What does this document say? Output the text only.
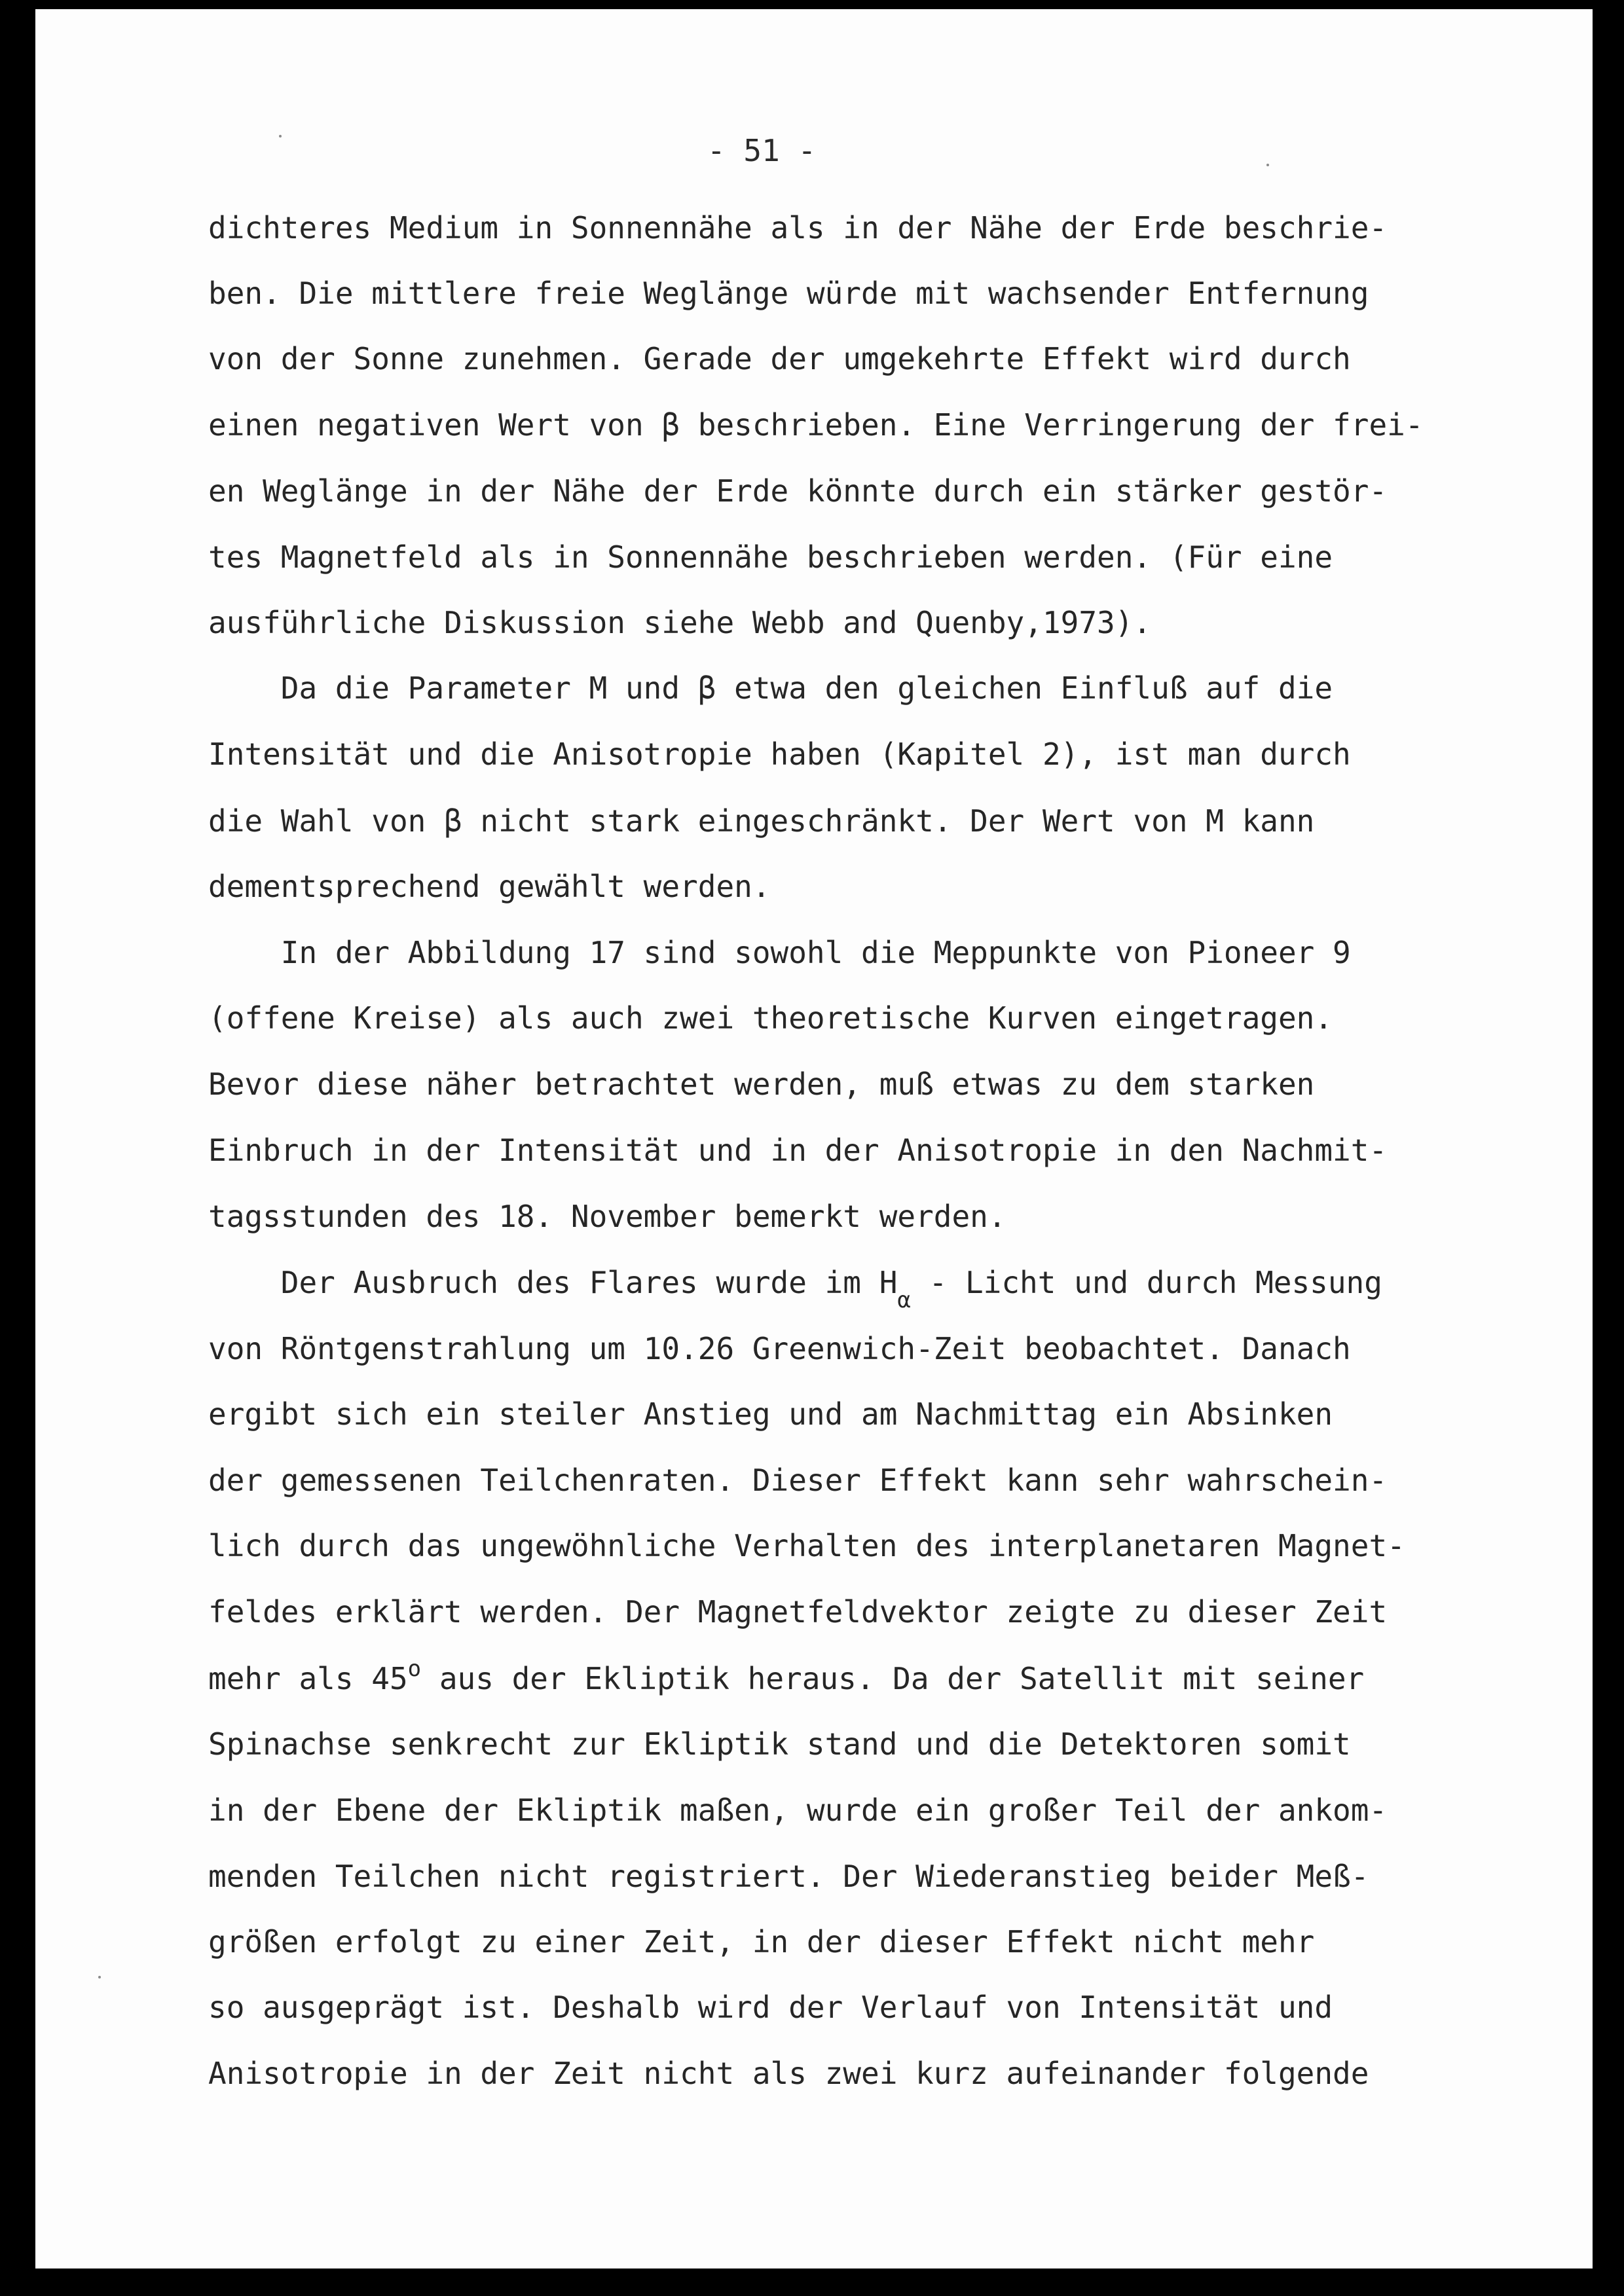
- 51 -
dichteres Medium in Sonnennähe als in der Nähe der Erde beschrie-
ben. Die mittlere freie Weglänge würde mit wachsender Entfernung
von der Sonne zunehmen. Gerade der umgekehrte Effekt wird durch
einen negativen Wert von β beschrieben. Eine Verringerung der frei-
en Weglänge in der Nähe der Erde könnte durch ein stärker gestör-
tes Magnetfeld als in Sonnennähe beschrieben werden. (Für eine
ausführliche Diskussion siehe Webb and Quenby,1973).
Da die Parameter M und β etwa den gleichen Einfluß auf die
Intensität und die Anisotropie haben (Kapitel 2), ist man durch
die Wahl von β nicht stark eingeschränkt. Der Wert von M kann
dementsprechend gewählt werden.
In der Abbildung 17 sind sowohl die Meppunkte von Pioneer 9
(offene Kreise) als auch zwei theoretische Kurven eingetragen.
Bevor diese näher betrachtet werden, muß etwas zu dem starken
Einbruch in der Intensität und in der Anisotropie in den Nachmit-
tagsstunden des 18. November bemerkt werden.
Der Ausbruch des Flares wurde im $H_\alpha$ - Licht und durch Messung
von Röntgenstrahlung um 10.26 Greenwich-Zeit beobachtet. Danach
ergibt sich ein steiler Anstieg und am Nachmittag ein Absinken
der gemessenen Teilchenraten. Dieser Effekt kann sehr wahrschein-
lich durch das ungewöhnliche Verhalten des interplanetaren Magnet-
feldes erklärt werden. Der Magnetfeldvektor zeigte zu dieser Zeit
mehr als 45$^o$ aus der Ekliptik heraus. Da der Satellit mit seiner
Spinachse senkrecht zur Ekliptik stand und die Detektoren somit
in der Ebene der Ekliptik maßen, wurde ein großer Teil der ankom-
menden Teilchen nicht registriert. Der Wiederanstieg beider Meß-
größen erfolgt zu einer Zeit, in der dieser Effekt nicht mehr
so ausgeprägt ist. Deshalb wird der Verlauf von Intensität und
Anisotropie in der Zeit nicht als zwei kurz aufeinander folgende
